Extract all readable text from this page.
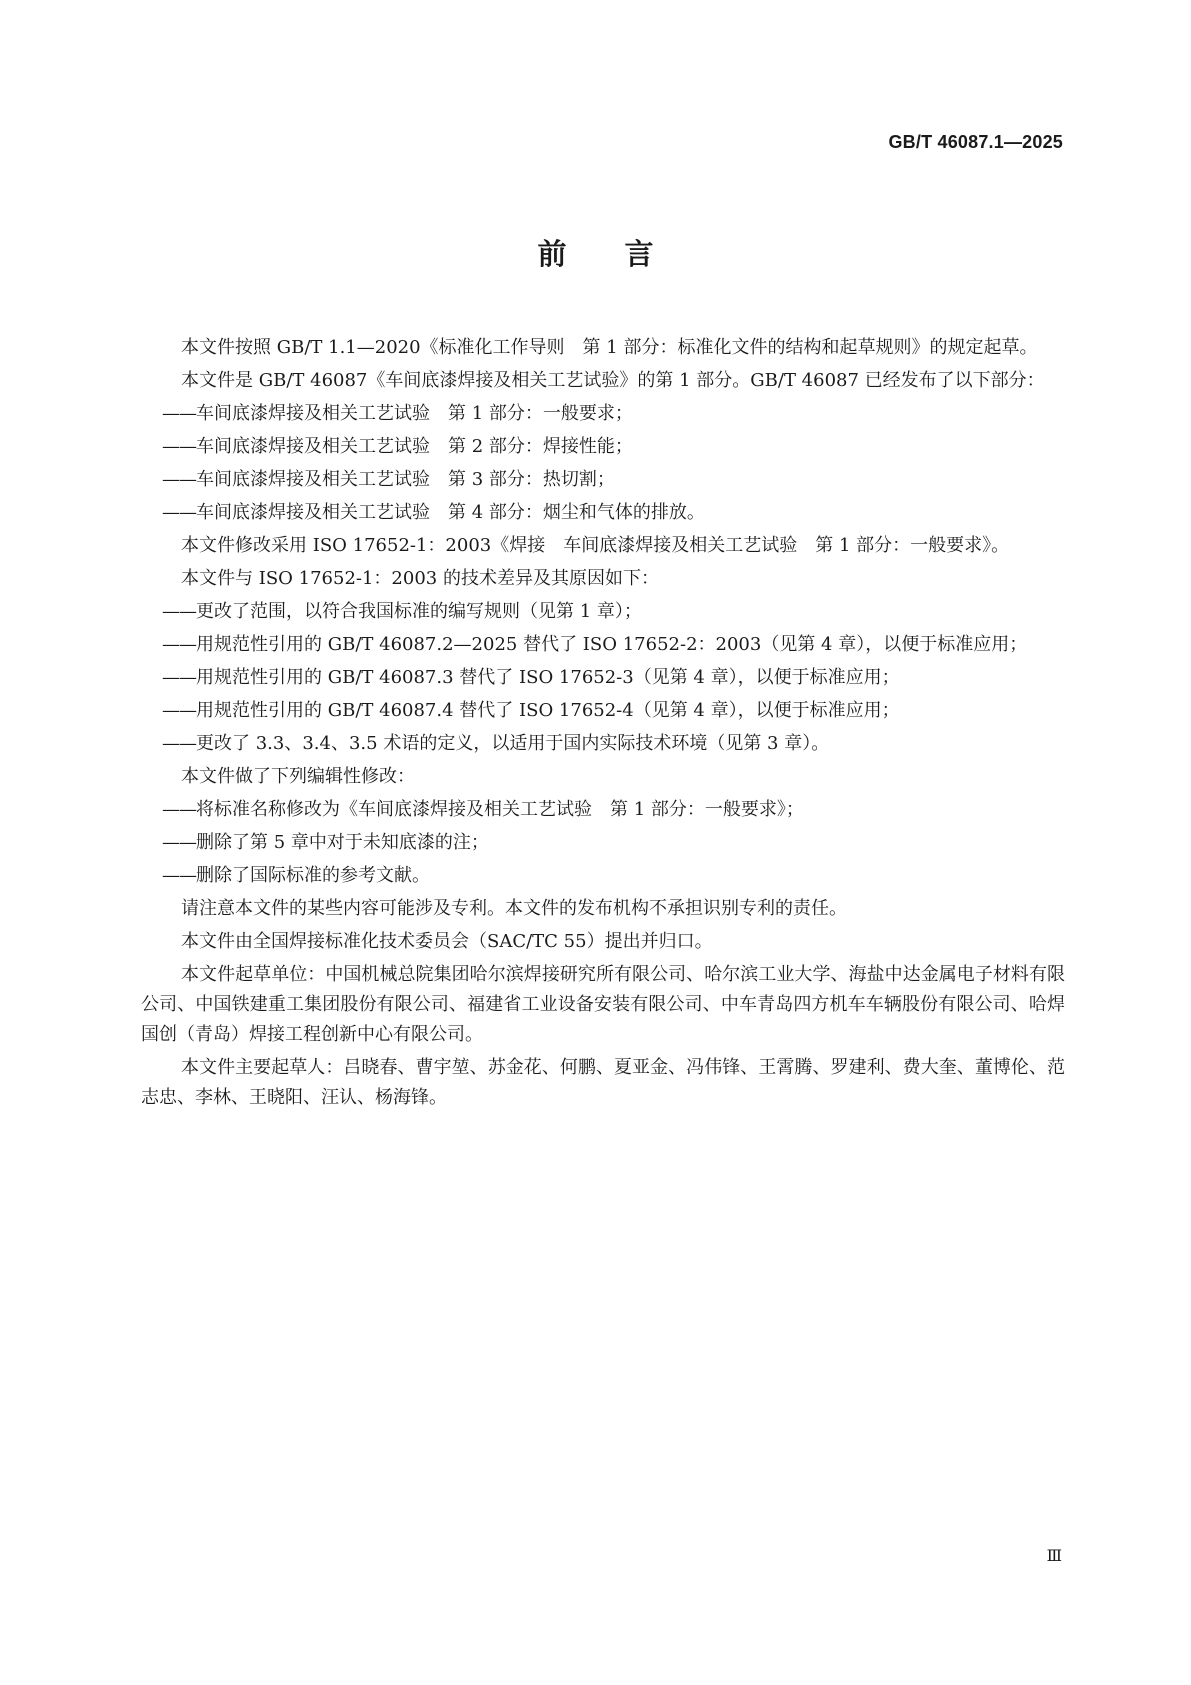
GB/T 46087.1—2025
前言
本文件按照 GB/T 1.1—2020《标准化工作导则　第 1 部分：标准化文件的结构和起草规则》的规定起草。
本文件是 GB/T 46087《车间底漆焊接及相关工艺试验》的第 1 部分。GB/T 46087 已经发布了以下部分：
——车间底漆焊接及相关工艺试验　第 1 部分：一般要求；
——车间底漆焊接及相关工艺试验　第 2 部分：焊接性能；
——车间底漆焊接及相关工艺试验　第 3 部分：热切割；
——车间底漆焊接及相关工艺试验　第 4 部分：烟尘和气体的排放。
本文件修改采用 ISO 17652-1：2003《焊接　车间底漆焊接及相关工艺试验　第 1 部分：一般要求》。
本文件与 ISO 17652-1：2003 的技术差异及其原因如下：
——更改了范围，以符合我国标准的编写规则（见第 1 章）；
——用规范性引用的 GB/T 46087.2—2025 替代了 ISO 17652-2：2003（见第 4 章），以便于标准应用；
——用规范性引用的 GB/T 46087.3 替代了 ISO 17652-3（见第 4 章），以便于标准应用；
——用规范性引用的 GB/T 46087.4 替代了 ISO 17652-4（见第 4 章），以便于标准应用；
——更改了 3.3、3.4、3.5 术语的定义，以适用于国内实际技术环境（见第 3 章）。
本文件做了下列编辑性修改：
——将标准名称修改为《车间底漆焊接及相关工艺试验　第 1 部分：一般要求》；
——删除了第 5 章中对于未知底漆的注；
——删除了国际标准的参考文献。
请注意本文件的某些内容可能涉及专利。本文件的发布机构不承担识别专利的责任。
本文件由全国焊接标准化技术委员会（SAC/TC 55）提出并归口。
本文件起草单位：中国机械总院集团哈尔滨焊接研究所有限公司、哈尔滨工业大学、海盐中达金属电子材料有限公司、中国铁建重工集团股份有限公司、福建省工业设备安装有限公司、中车青岛四方机车车辆股份有限公司、哈焊国创（青岛）焊接工程创新中心有限公司。
本文件主要起草人：吕晓春、曹宇堃、苏金花、何鹏、夏亚金、冯伟锋、王霄腾、罗建利、费大奎、董博伦、范志忠、李林、王晓阳、汪认、杨海锋。
Ⅲ
